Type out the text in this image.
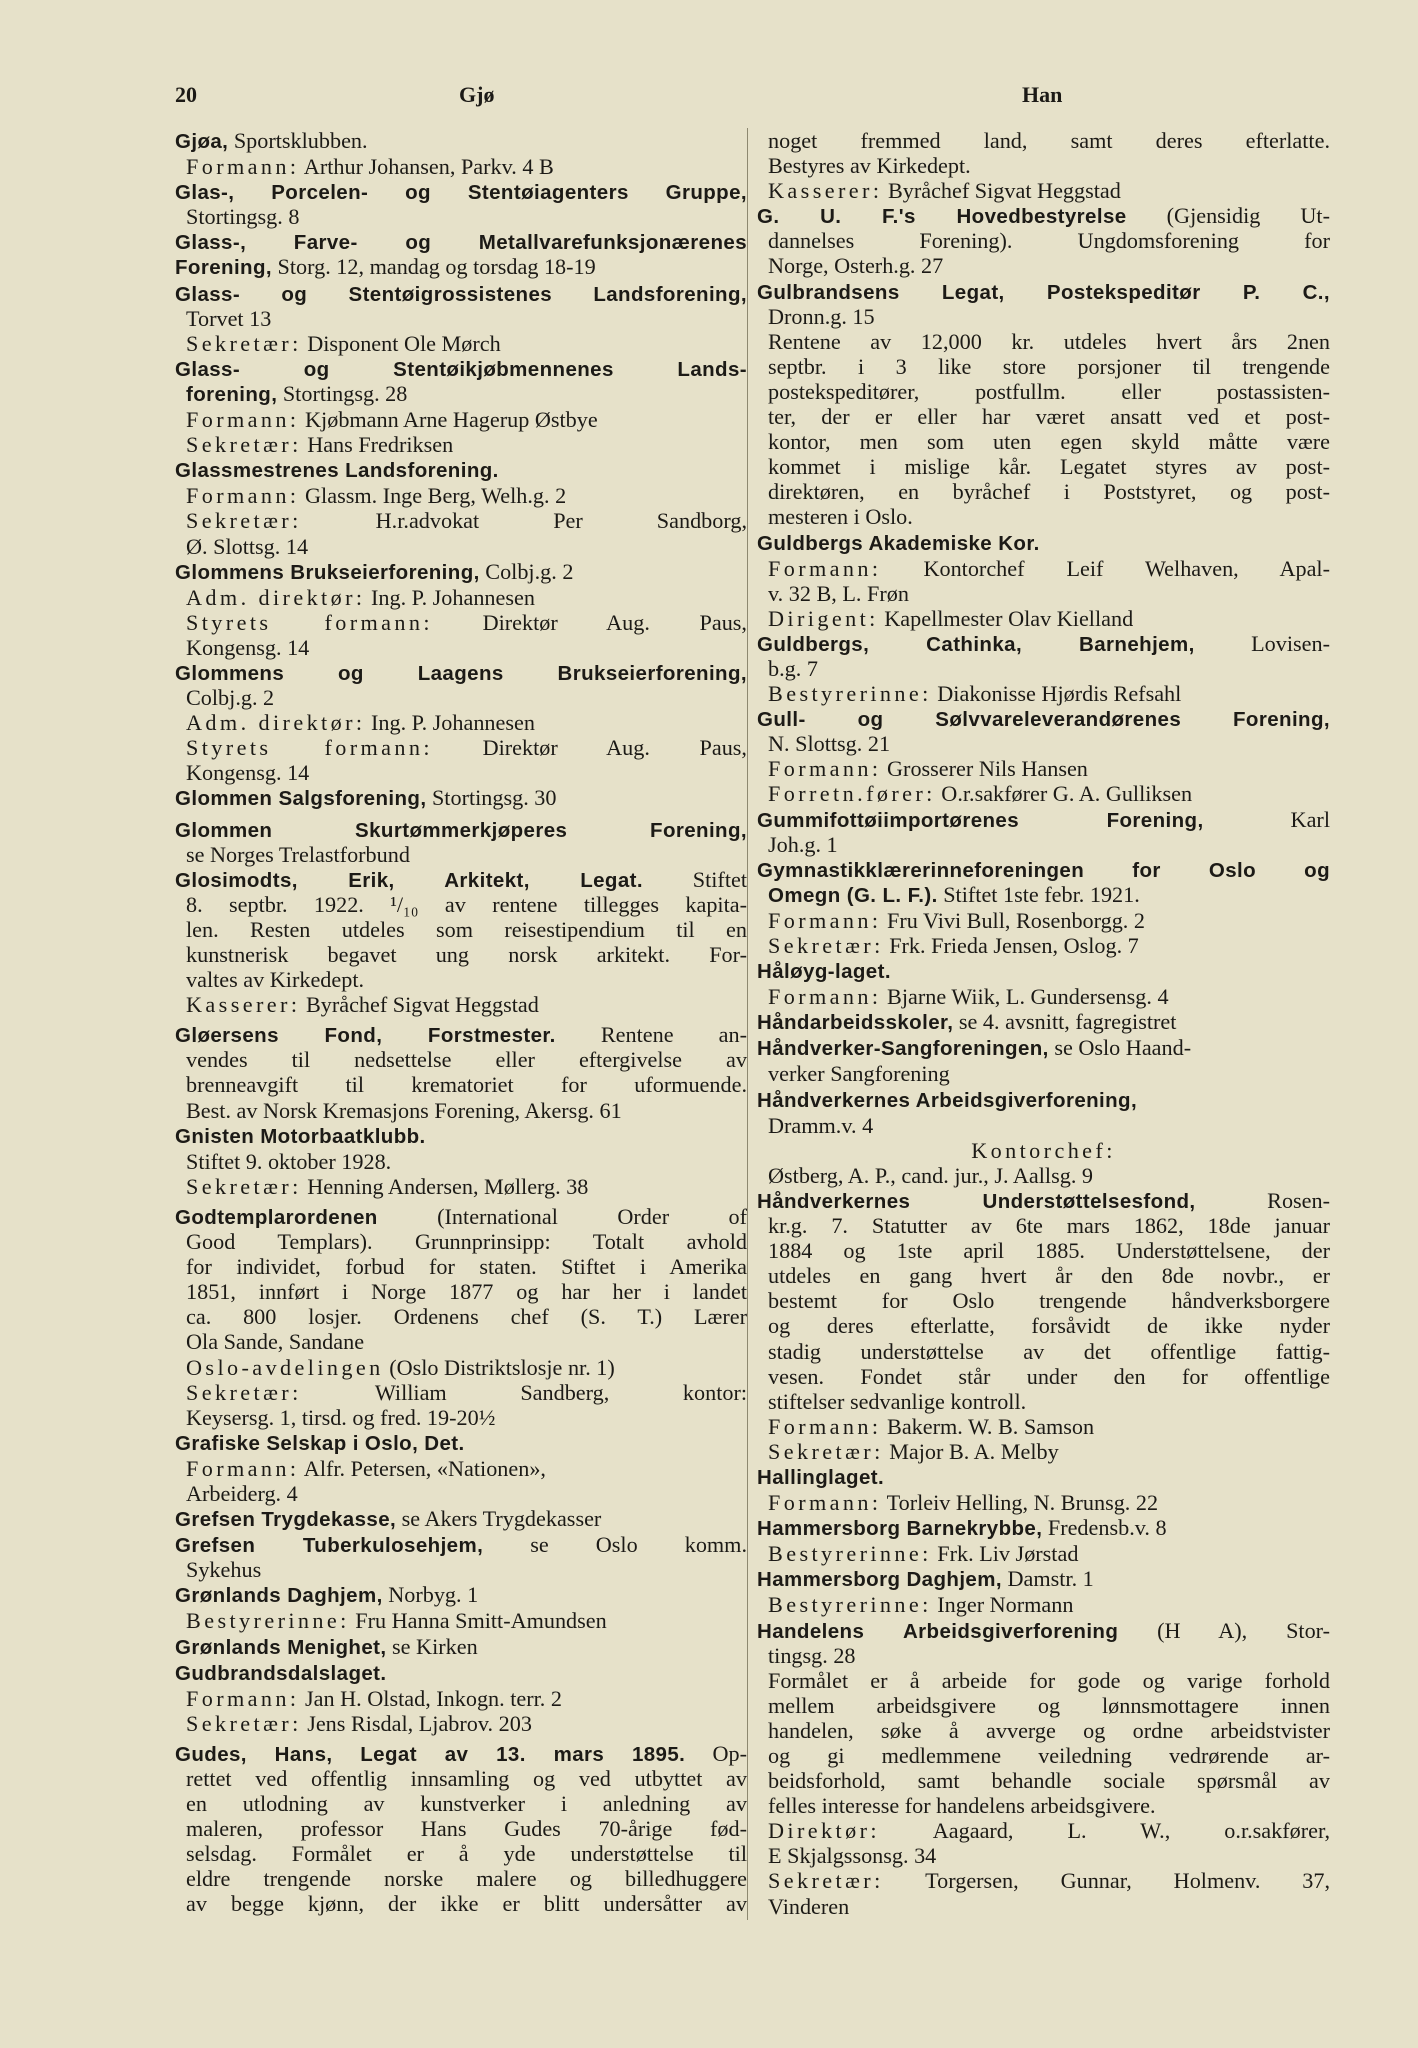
20	Gjø	Han
Gjøa, Sportsklubben.
Formann: Arthur Johansen, Parkv. 4 B
Glas-, Porcelen- og Stentøiagenters Gruppe,
Stortingsg. 8
Glass-, Farve- og Metallvarefunksjonærenes
Forening, Storg. 12, mandag og torsdag 18-19
Glass- og Stentøigrossistenes Landsforening,
Torvet 13
Sekretær: Disponent Ole Mørch
Glass- og Stentøikjøbmennenes Lands-
forening, Stortingsg. 28
Formann: Kjøbmann Arne Hagerup Østbye
Sekretær: Hans Fredriksen
Glassmestrenes Landsforening.
Formann: Glassm. Inge Berg, Welh.g. 2
Sekretær: H.r.advokat Per Sandborg,
Ø. Slottsg. 14
Glommens Brukseierforening, Colbj.g. 2
Adm. direktør: Ing. P. Johannesen
Styrets formann: Direktør Aug. Paus,
Kongensg. 14
Glommens og Laagens Brukseierforening,
Colbj.g. 2
Adm. direktør: Ing. P. Johannesen
Styrets formann: Direktør Aug. Paus,
Kongensg. 14
Glommen Salgsforening, Stortingsg. 30
Glommen Skurtømmerkjøperes Forening,
se Norges Trelastforbund
Glosimodts, Erik, Arkitekt, Legat. Stiftet
8. septbr. 1922. ¹/₁₀ av rentene tillegges kapita-
len. Resten utdeles som reisestipendium til en
kunstnerisk begavet ung norsk arkitekt. For-
valtes av Kirkedept.
Kasserer: Byråchef Sigvat Heggstad
Gløersens Fond, Forstmester. Rentene an-
vendes til nedsettelse eller eftergivelse av
brenneavgift til krematoriet for uformuende.
Best. av Norsk Kremasjons Forening, Akersg. 61
Gnisten Motorbaatklubb.
Stiftet 9. oktober 1928.
Sekretær: Henning Andersen, Møllerg. 38
Godtemplarordenen (International Order of
Good Templars). Grunnprinsipp: Totalt avhold
for individet, forbud for staten. Stiftet i Amerika
1851, innført i Norge 1877 og har her i landet
ca. 800 losjer. Ordenens chef (S. T.) Lærer
Ola Sande, Sandane
Oslo-avdelingen (Oslo Distriktslosje nr. 1)
Sekretær: William Sandberg, kontor:
Keysersg. 1, tirsd. og fred. 19-20½
Grafiske Selskap i Oslo, Det.
Formann: Alfr. Petersen, «Nationen»,
Arbeiderg. 4
Grefsen Trygdekasse, se Akers Trygdekasser
Grefsen Tuberkulosehjem, se Oslo komm.
Sykehus
Grønlands Daghjem, Norbyg. 1
Bestyrerinne: Fru Hanna Smitt-Amundsen
Grønlands Menighet, se Kirken
Gudbrandsdalslaget.
Formann: Jan H. Olstad, Inkogn. terr. 2
Sekretær: Jens Risdal, Ljabrov. 203
Gudes, Hans, Legat av 13. mars 1895. Op-
rettet ved offentlig innsamling og ved utbyttet av
en utlodning av kunstverker i anledning av
maleren, professor Hans Gudes 70-årige fød-
selsdag. Formålet er å yde understøttelse til
eldre trengende norske malere og billedhuggere
av begge kjønn, der ikke er blitt undersåtter av
noget fremmed land, samt deres efterlatte.
Bestyres av Kirkedept.
Kasserer: Byråchef Sigvat Heggstad
G. U. F.'s Hovedbestyrelse (Gjensidig Ut-
dannelses Forening). Ungdomsforening for
Norge, Osterh.g. 27
Gulbrandsens Legat, Postekspeditør P. C.,
Dronn.g. 15
Rentene av 12,000 kr. utdeles hvert års 2nen
septbr. i 3 like store porsjoner til trengende
postekspeditører, postfullm. eller postassisten-
ter, der er eller har været ansatt ved et post-
kontor, men som uten egen skyld måtte være
kommet i mislige kår. Legatet styres av post-
direktøren, en byråchef i Poststyret, og post-
mesteren i Oslo.
Guldbergs Akademiske Kor.
Formann: Kontorchef Leif Welhaven, Apal-
v. 32 B, L. Frøn
Dirigent: Kapellmester Olav Kielland
Guldbergs, Cathinka, Barnehjem, Lovisen-
b.g. 7
Bestyrerinne: Diakonisse Hjørdis Refsahl
Gull- og Sølvvareleverandørenes Forening,
N. Slottsg. 21
Formann: Grosserer Nils Hansen
Forretn.fører: O.r.sakfører G. A. Gulliksen
Gummifottøiimportørenes Forening, Karl
Joh.g. 1
Gymnastikklærerinneforeningen for Oslo og
Omegn (G. L. F.). Stiftet 1ste febr. 1921.
Formann: Fru Vivi Bull, Rosenborgg. 2
Sekretær: Frk. Frieda Jensen, Oslog. 7
Håløyg-laget.
Formann: Bjarne Wiik, L. Gundersensg. 4
Håndarbeidsskoler, se 4. avsnitt, fagregistret
Håndverker-Sangforeningen, se Oslo Haand-
verker Sangforening
Håndverkernes Arbeidsgiverforening,
Dramm.v. 4
Kontorchef:
Østberg, A. P., cand. jur., J. Aallsg. 9
Håndverkernes Understøttelsesfond, Rosen-
kr.g. 7. Statutter av 6te mars 1862, 18de januar
1884 og 1ste april 1885. Understøttelsene, der
utdeles en gang hvert år den 8de novbr., er
bestemt for Oslo trengende håndverksborgere
og deres efterlatte, forsåvidt de ikke nyder
stadig understøttelse av det offentlige fattig-
vesen. Fondet står under den for offentlige
stiftelser sedvanlige kontroll.
Formann: Bakerm. W. B. Samson
Sekretær: Major B. A. Melby
Hallinglaget.
Formann: Torleiv Helling, N. Brunsg. 22
Hammersborg Barnekrybbe, Fredensb.v. 8
Bestyrerinne: Frk. Liv Jørstad
Hammersborg Daghjem, Damstr. 1
Bestyrerinne: Inger Normann
Handelens Arbeidsgiverforening (H A), Stor-
tingsg. 28
Formålet er å arbeide for gode og varige forhold
mellem arbeidsgivere og lønnsmottagere innen
handelen, søke å avverge og ordne arbeidstvister
og gi medlemmene veiledning vedrørende ar-
beidsforhold, samt behandle sociale spørsmål av
felles interesse for handelens arbeidsgivere.
Direktør: Aagaard, L. W., o.r.sakfører,
E Skjalgssonsg. 34
Sekretær: Torgersen, Gunnar, Holmenv. 37,
Vinderen
